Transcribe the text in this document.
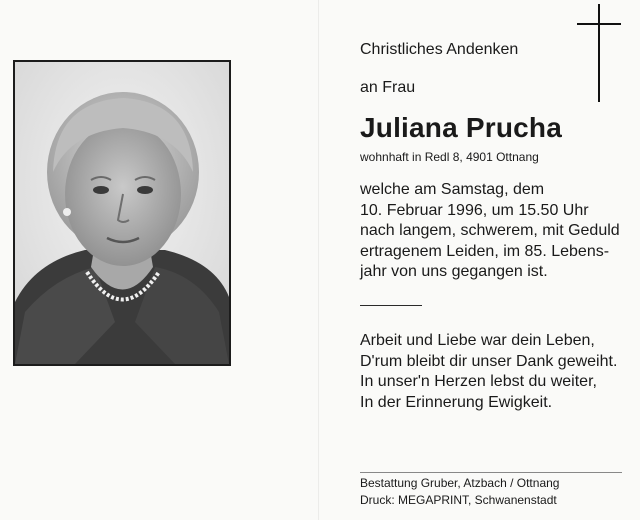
Christliches Andenken
an Frau
Juliana Prucha
wohnhaft in Redl 8, 4901 Ottnang
welche am Samstag, dem
10. Februar 1996, um 15.50 Uhr
nach langem, schwerem, mit Geduld
ertragenem Leiden, im 85. Lebens-
jahr von uns gegangen ist.
Arbeit und Liebe war dein Leben,
D'rum bleibt dir unser Dank geweiht.
In unser'n Herzen lebst du weiter,
In der Erinnerung Ewigkeit.
Bestattung Gruber, Atzbach / Ottnang
Druck: MEGAPRINT, Schwanenstadt
